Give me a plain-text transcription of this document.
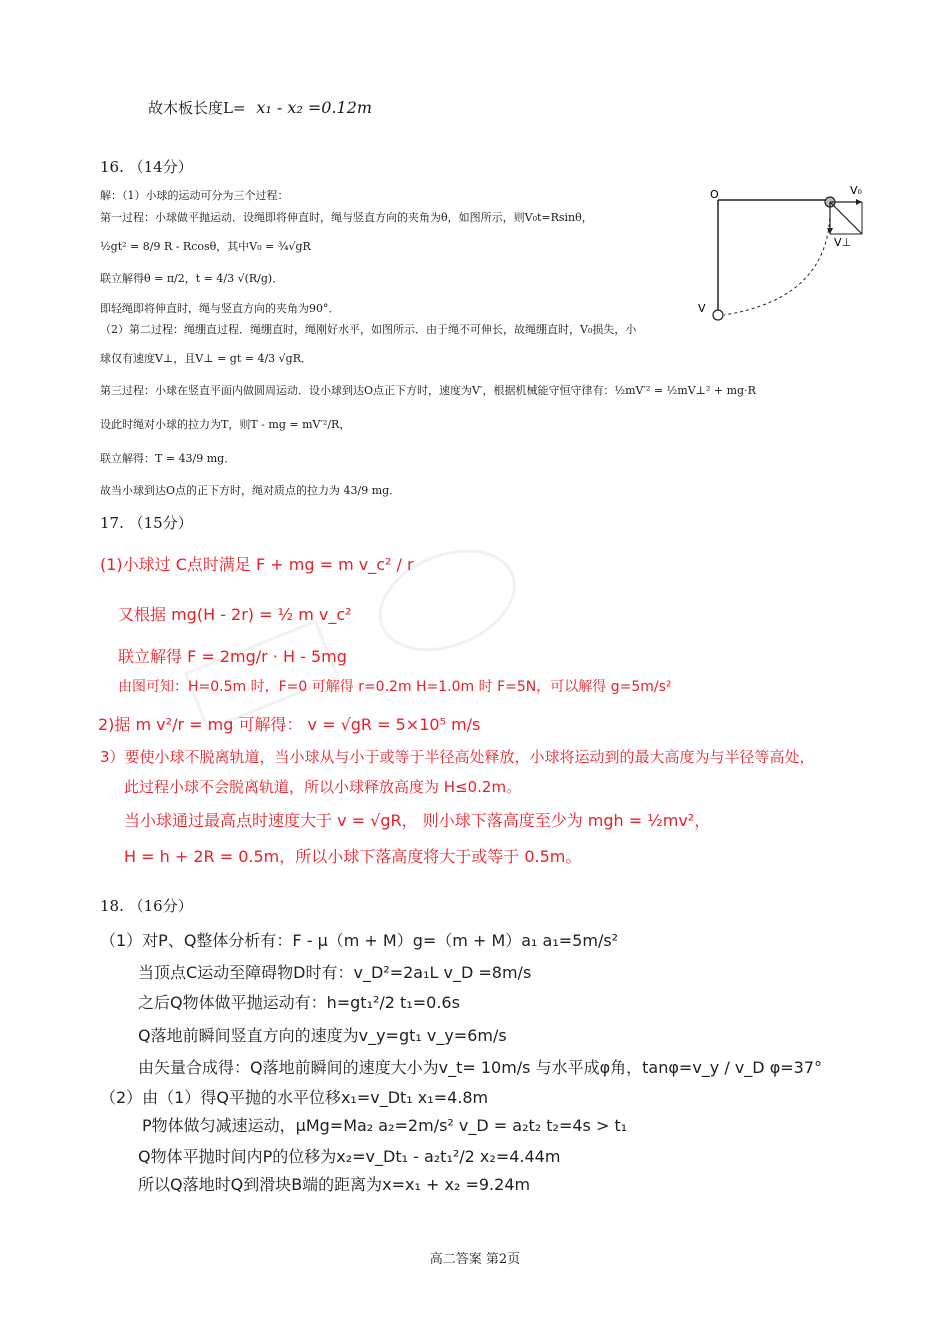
故木板长度L= x₁ - x₂ =0.12m
16. （14分）
解：（1）小球的运动可分为三个过程：
第一过程：小球做平抛运动．设绳即将伸直时，绳与竖直方向的夹角为θ，如图所示，则V₀t=Rsinθ，
½gt² = 8/9 R - Rcosθ，其中V₀ = ¾√gR
联立解得θ = π/2，t = 4/3 √(R/g)．
即轻绳即将伸直时，绳与竖直方向的夹角为90°．
（2）第二过程：绳绷直过程．绳绷直时，绳刚好水平，如图所示．由于绳不可伸长，故绳绷直时，V₀损失，小
球仅有速度V⊥，且V⊥ = gt = 4/3 √gR．
第三过程：小球在竖直平面内做圆周运动．设小球到达O点正下方时，速度为V′，根据机械能守恒守律有：½mV′² = ½mV⊥² + mg·R
设此时绳对小球的拉力为T，则T - mg = mV′²/R，
联立解得：T = 43/9 mg．
故当小球到达O点的正下方时，绳对质点的拉力为 43/9 mg．
O	V₀
V⊥
V
17. （15分）
(1)小球过 C点时满足 F + mg = m v_c² / r
又根据 mg(H - 2r) = ½ m v_c²
联立解得 F = 2mg/r · H - 5mg
由图可知：H=0.5m 时，F=0 可解得 r=0.2m H=1.0m 时 F=5N，可以解得 g=5m/s²
2)据 m v²/r = mg 可解得： v = √gR = 5×10⁵ m/s
3）要使小球不脱离轨道，当小球从与小于或等于半径高处释放，小球将运动到的最大高度为与半径等高处，
此过程小球不会脱离轨道，所以小球释放高度为 H≤0.2m。
当小球通过最高点时速度大于 v = √gR， 则小球下落高度至少为 mgh = ½mv²，
H = h + 2R = 0.5m，所以小球下落高度将大于或等于 0.5m。
18. （16分）
（1）对P、Q整体分析有：F - μ（m + M）g=（m + M）a₁ a₁=5m/s²
当顶点C运动至障碍物D时有：v_D²=2a₁L v_D =8m/s
之后Q物体做平抛运动有：h=gt₁²/2 t₁=0.6s
Q落地前瞬间竖直方向的速度为v_y=gt₁ v_y=6m/s
由矢量合成得：Q落地前瞬间的速度大小为v_t= 10m/s 与水平成φ角，tanφ=v_y / v_D φ=37°
（2）由（1）得Q平抛的水平位移x₁=v_Dt₁ x₁=4.8m
P物体做匀减速运动，μMg=Ma₂ a₂=2m/s² v_D = a₂t₂ t₂=4s > t₁
Q物体平抛时间内P的位移为x₂=v_Dt₁ - a₂t₁²/2 x₂=4.44m
所以Q落地时Q到滑块B端的距离为x=x₁ + x₂ =9.24m
高二答案 第2页
